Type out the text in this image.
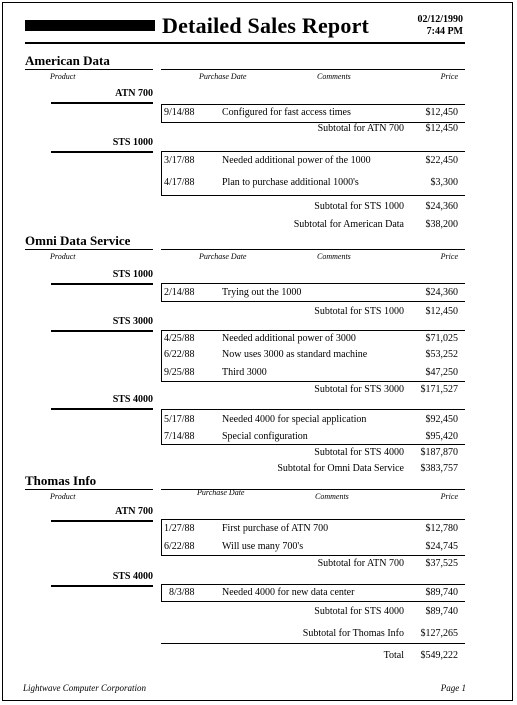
Detailed Sales Report	02/12/1990
7:44 PM
American Data
Product	Purchase Date	Comments	Price
ATN 700
9/14/88	Configured for fast access times	$12,450
Subtotal for ATN 700 $12,450
STS 1000
3/17/88	Needed additional power of the 1000	$22,450
4/17/88	Plan to purchase additional 1000's	$3,300
Subtotal for STS 1000 $24,360
Subtotal for American Data $38,200
Omni Data Service
Product	Purchase Date	Comments	Price
STS 1000
2/14/88	Trying out the 1000	$24,360
Subtotal for STS 1000 $12,450
STS 3000
4/25/88	Needed additional power of 3000	$71,025
6/22/88	Now uses 3000 as standard machine	$53,252
9/25/88	Third 3000	$47,250
Subtotal for STS 3000 $171,527
STS 4000
5/17/88	Needed 4000 for special application	$92,450
7/14/88	Special configuration	$95,420
Subtotal for STS 4000 $187,870
Subtotal for Omni Data Service $383,757
Thomas Info
Product	Purchase Date	Comments	Price
ATN 700
1/27/88	First purchase of ATN 700	$12,780
6/22/88	Will use many 700's	$24,745
Subtotal for ATN 700 $37,525
STS 4000
8/3/88	Needed 4000 for new data center	$89,740
Subtotal for STS 4000 $89,740
Subtotal for Thomas Info $127,265
Total $549,222
Lightwave Computer Corporation	Page 1
